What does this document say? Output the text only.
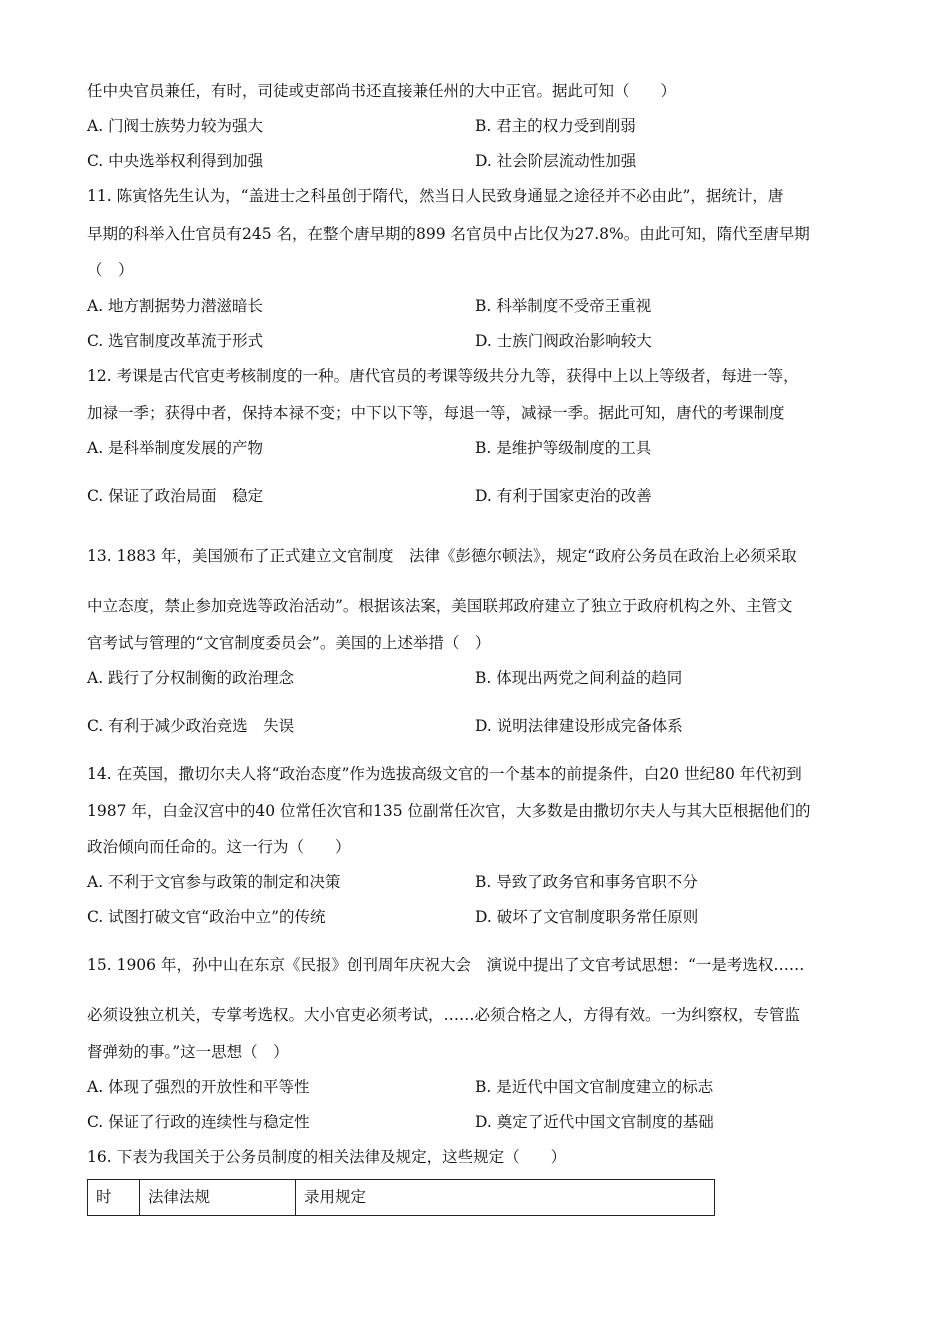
任中央官员兼任，有时，司徒或吏部尚书还直接兼任州的大中正官。据此可知（　　）
A. 门阀士族势力较为强大	B. 君主的权力受到削弱
C. 中央选举权利得到加强	D. 社会阶层流动性加强
11. 陈寅恪先生认为，“盖进士之科虽创于隋代，然当日人民致身通显之途径并不必由此”，据统计，唐
早期的科举入仕官员有245 名，在整个唐早期的899 名官员中占比仅为27.8%。由此可知，隋代至唐早期
（　）
A. 地方割据势力潜滋暗长	B. 科举制度不受帝王重视
C. 选官制度改革流于形式	D. 士族门阀政治影响较大
12. 考课是古代官吏考核制度的一种。唐代官员的考课等级共分九等，获得中上以上等级者，每进一等，
加禄一季；获得中者，保持本禄不变；中下以下等，每退一等，减禄一季。据此可知，唐代的考课制度
A. 是科举制度发展的产物	B. 是维护等级制度的工具
C. 保证了政治局面　稳定	D. 有利于国家吏治的改善
13. 1883 年，美国颁布了正式建立文官制度　法律《彭德尔顿法》，规定“政府公务员在政治上必须采取
中立态度，禁止参加竞选等政治活动”。根据该法案，美国联邦政府建立了独立于政府机构之外、主管文
官考试与管理的“文官制度委员会”。美国的上述举措（　）
A. 践行了分权制衡的政治理念	B. 体现出两党之间利益的趋同
C. 有利于减少政治竞选　失误	D. 说明法律建设形成完备体系
14. 在英国，撒切尔夫人将“政治态度”作为选拔高级文官的一个基本的前提条件，白20 世纪80 年代初到
1987 年，白金汉宫中的40 位常任次官和135 位副常任次官，大多数是由撒切尔夫人与其大臣根据他们的
政治倾向而任命的。这一行为（　　）
A. 不利于文官参与政策的制定和决策	B. 导致了政务官和事务官职不分
C. 试图打破文官“政治中立”的传统	D. 破坏了文官制度职务常任原则
15. 1906 年，孙中山在东京《民报》创刊周年庆祝大会　演说中提出了文官考试思想：“一是考选权……
必须设独立机关，专掌考选权。大小官吏必须考试，……必须合格之人，方得有效。一为纠察权，专管监
督弹劾的事。”这一思想（　）
A. 体现了强烈的开放性和平等性	B. 是近代中国文官制度建立的标志
C. 保证了行政的连续性与稳定性	D. 奠定了近代中国文官制度的基础
16. 下表为我国关于公务员制度的相关法律及规定，这些规定（　　）
时	法律法规	录用规定
